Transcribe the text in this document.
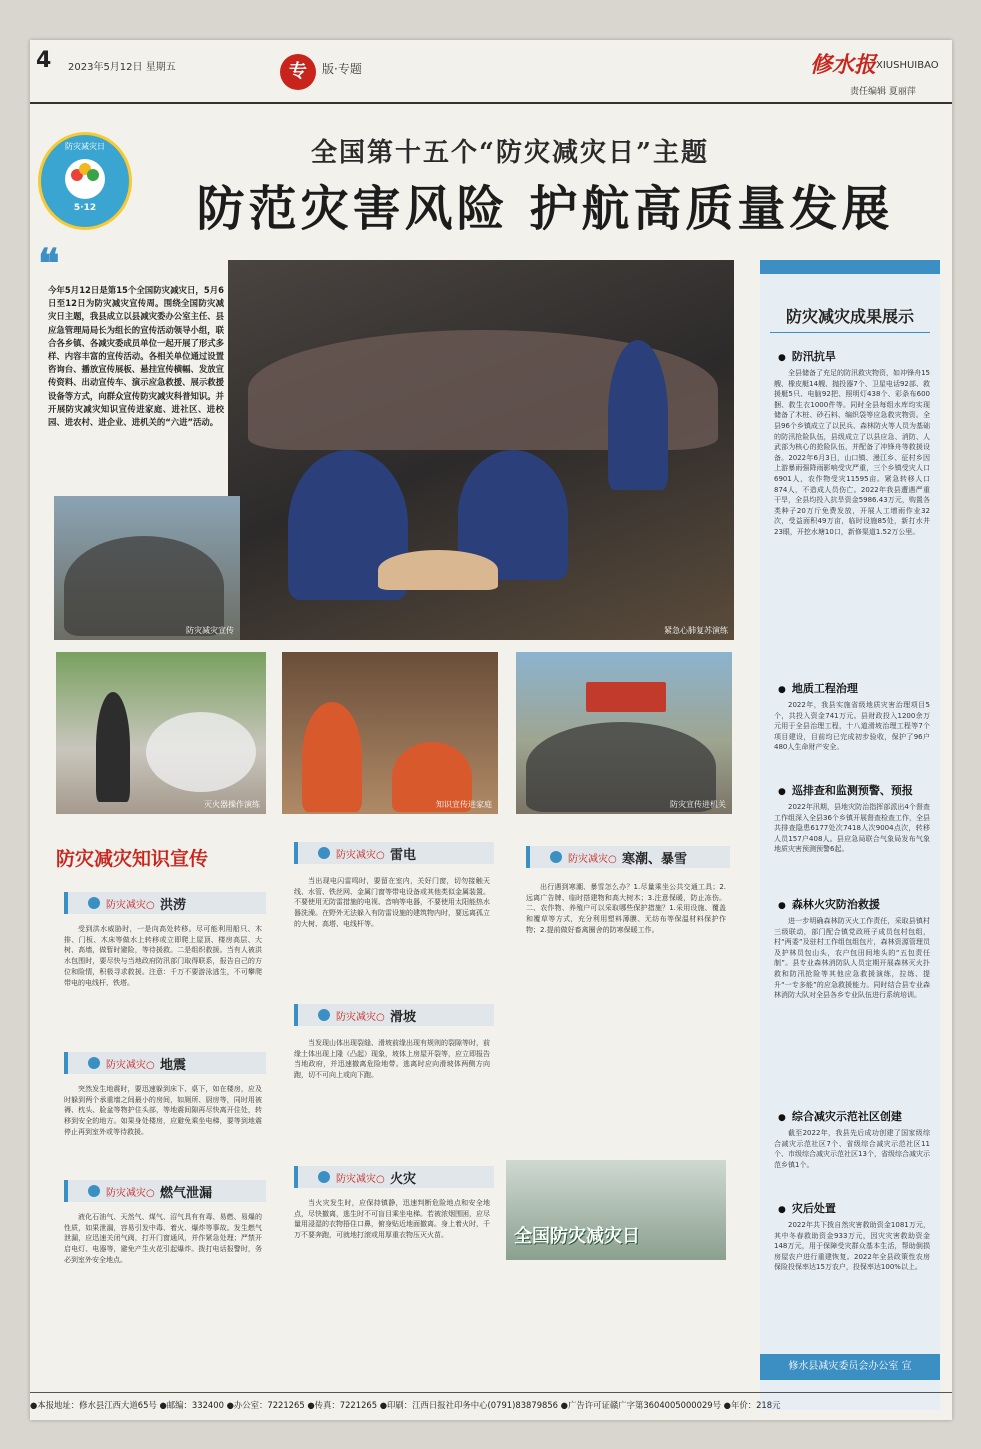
4 2023年5月12日 星期五	专	版·专题	修水报 XIUSHUIBAO
责任编辑 夏丽萍
防灾减灾日
5·12
全国第十五个“防灾减灾日”主题
防范灾害风险 护航高质量发展
❝
今年5月12日是第15个全国防灾减灾日，5月6日至12日为防灾减灾宣传周。围绕全国防灾减灾日主题，我县成立以县减灾委办公室主任、县应急管理局局长为组长的宣传活动领导小组，联合各乡镇、各减灾委成员单位一起开展了形式多样、内容丰富的宣传活动。各相关单位通过设置咨询台、播放宣传展板、悬挂宣传横幅、发放宣传资料、出动宣传车、演示应急救援、展示救援设备等方式，向群众宣传防灾减灾科普知识。并开展防灾减灾知识宣传进家庭、进社区、进校园、进农村、进企业、进机关的“六进”活动。
紧急心肺复苏演练
防灾减灾宣传
灭火器操作演练	知识宣传进家庭	防灾宣传进机关
防灾减灾知识宣传
防灾减灾○ 洪涝
受到洪水威胁时，一是向高处转移。尽可能利用船只、木排、门板、木床等做水上转移或立即爬上屋顶、楼房高层、大树、高墙，做暂时避险，等待援救。二是组织救援。当有人被洪水包围时，要尽快与当地政府防汛部门取得联系，报告自己的方位和险情，积极寻求救援。注意：千万不要游泳逃生，不可攀爬带电的电线杆、铁塔。
防灾减灾○ 地震
突然发生地震时，要迅速躲到床下、桌下，如在楼房，应及时躲到两个承重墙之间最小的房间，如厕所、厨房等，同时用被褥、枕头、脸盆等物护住头部，等地震间隙再尽快离开住处，转移到安全的地方。如果身处楼房，应避免乘坐电梯，要等到地震停止再到室外或等待救援。
防灾减灾○ 燃气泄漏
液化石油气、天然气、煤气、沼气具有有毒、易燃、易爆的性质，如果泄漏，容易引发中毒、着火、爆炸等事故。发生燃气泄漏，应迅速关闭气阀，打开门窗通风，并作紧急处理；严禁开启电灯、电器等，避免产生火花引起爆炸。拨打电话报警时，务必到室外安全地点。
防灾减灾○ 雷电
当出现电闪雷鸣时，要留在室内，关好门窗，切勿接触天线、水管、铁丝网、金属门窗等带电设备或其他类似金属装置。不要使用无防雷措施的电视、音响等电器，不要使用太阳能热水器洗澡。在野外无法躲入有防雷设施的建筑物内时，要远离孤立的大树、高塔、电线杆等。
防灾减灾○ 滑坡
当发现山体出现裂缝、滑坡前缘出现有规则的裂隙等时，前缘土体出现上隆（凸起）现象，坡体上房屋开裂等，应立即报告当地政府，并迅速撤离危险地带。逃离时应向滑坡体两侧方向跑，切不可向上或向下跑。
防灾减灾○ 火灾
当火灾发生时，应保持镇静，迅速判断危险地点和安全地点，尽快撤离，逃生时不可盲目乘坐电梯。若被浓烟围困，应尽量用浸湿的衣物捂住口鼻，俯身贴近地面撤离。身上着火时，千万不要奔跑，可就地打滚或用厚重衣物压灭火苗。
防灾减灾○ 寒潮、暴雪
出行遇到寒潮、暴雪怎么办？1.尽量乘坐公共交通工具；2.远离广告牌、临时搭建物和高大树木；3.注意保暖，防止冻伤。二、农作物、养殖户可以采取哪些保护措施？1.采用设施、覆盖和覆草等方式，充分利用塑料薄膜、无纺布等保温材料保护作物；2.提前做好畜禽圈舍的防寒保暖工作。
全国防灾减灾日
防灾减灾成果展示
● 防汛抗旱
全县储备了充足的防汛救灾物资，如冲锋舟15艘、橡皮艇14艘、抛投器7个、卫星电话92部、救援艇5只、电脑92把、照明灯438个、彩条布600捆、救生衣1000件等。同时全县每组水库均实现储备了木桩、砂石料、编织袋等应急救灾物资。全县96个乡镇成立了以民兵、森林防火等人员为基础的防汛抢险队伍，县级成立了以县应急、消防、人武部为核心的抢险队伍，并配备了冲锋舟等救援设备。2022年6月3日，山口镇、漫江乡、征村乡因上游暴雨强降雨影响受灾严重，三个乡镇受灾人口6901人，农作物受灾11595亩。紧急转移人口874人，不造成人员伤亡。2022年我县遭遇严重干旱，全县均投入抗旱资金5986.43万元，购置各类种子20万斤免费发放，开展人工增雨作业32次，受益面积49万亩，临时设施85处，新打水井23眼，开挖水塘10口，新修渠道1.52万公里。
● 地质工程治理
2022年，我县实施省级地质灾害治理项目5个，共投入资金741万元。县财政投入1200余万元用于全县治理工程，十八道滑坡治理工程等7个项目建设，目前均已完成初步验收，保护了96户480人生命财产安全。
● 巡排查和监测预警、预报
2022年汛期，县地灾防治指挥部派出4个督查工作组深入全县36个乡镇开展督查检查工作，全县共排查隐患6177处次7418人次9004点次，转移人员157户408人。县应急局联合气象局发布气象地质灾害预测预警6起。
● 森林火灾防治救援
进一步明确森林防灭火工作责任，采取县镇村三级联动，部门配合镇党政班子成员包村包组，村“两委”及驻村工作组包组包片，森林资源管理员及护林员包山头，农户包田间地头的“五包责任制”。县专业森林消防队人员定期开展森林灭火扑救和防汛抢险等其他应急救援演练，拉练、提升“一专多能”的应急救援能力。同时结合县专业森林消防大队对全县各乡专业队伍进行系统培训。
● 综合减灾示范社区创建
截至2022年，我县先后成功创建了国家级综合减灾示范社区7个、省级综合减灾示范社区11个、市级综合减灾示范社区13个，省级综合减灾示范乡镇1个。
● 灾后处置
2022年共下拨自然灾害救助资金1081万元，其中冬春救助资金933万元，因灾灾害救助资金148万元，用于保障受灾群众基本生活，帮助倒损房屋农户进行重建恢复。2022年全县政策性农房保险投保率达15万农户，投保率达100%以上。
修水县减灾委员会办公室 宣
●本报地址：修水县江西大道65号 ●邮编：332400 ●办公室：7221265 ●传真：7221265 ●印刷：江西日报社印务中心(0791)83879856 ●广告许可证赣广字第3604005000029号 ●年价：218元
